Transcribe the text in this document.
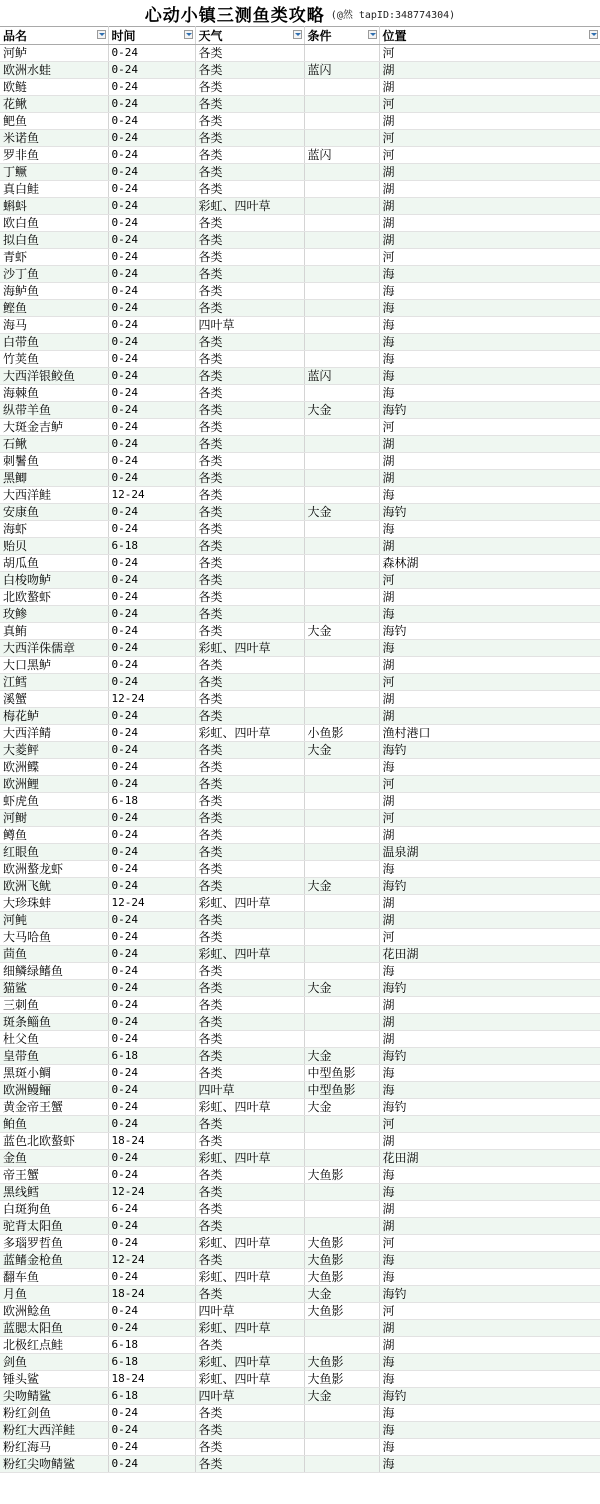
心动小镇三测鱼类攻略 (@然 tapID:348774304)
品名	时间	天气	条件	位置

河鲈	0-24	各类		河
欧洲水蛙	0-24	各类	蓝闪	湖
欧鲢	0-24	各类		湖
花鳅	0-24	各类		河
鲃鱼	0-24	各类		湖
米诺鱼	0-24	各类		河
罗非鱼	0-24	各类	蓝闪	河
丁鳜	0-24	各类		湖
真白鲑	0-24	各类		湖
蝌蚪	0-24	彩虹、四叶草		湖
欧白鱼	0-24	各类		湖
拟白鱼	0-24	各类		湖
青虾	0-24	各类		河
沙丁鱼	0-24	各类		海
海鲈鱼	0-24	各类		海
鲣鱼	0-24	各类		海
海马	0-24	四叶草		海
白带鱼	0-24	各类		海
竹荚鱼	0-24	各类		海
大西洋银鲛鱼	0-24	各类	蓝闪	海
海棘鱼	0-24	各类		海
纵带羊鱼	0-24	各类	大金	海钓
大斑金吉鲈	0-24	各类		河
石鳅	0-24	各类		湖
刺鬐鱼	0-24	各类		湖
黑鲫	0-24	各类		湖
大西洋鲑	12-24	各类		海
安康鱼	0-24	各类	大金	海钓
海虾	0-24	各类		海
贻贝	6-18	各类		湖
胡瓜鱼	0-24	各类		森林湖
白梭吻鲈	0-24	各类		河
北欧螯虾	0-24	各类		湖
玫鲹	0-24	各类		海
真鲔	0-24	各类	大金	海钓
大西洋侏儒章	0-24	彩虹、四叶草		海
大口黑鲈	0-24	各类		湖
江鳕	0-24	各类		河
溪蟹	12-24	各类		湖
梅花鲈	0-24	各类		湖
大西洋鲭	0-24	彩虹、四叶草	小鱼影	渔村港口
大菱鲆	0-24	各类	大金	海钓
欧洲鲽	0-24	各类		海
欧洲鲤	0-24	各类		河
虾虎鱼	6-18	各类		湖
河鲥	0-24	各类		河
鳟鱼	0-24	各类		湖
红眼鱼	0-24	各类		温泉湖
欧洲螯龙虾	0-24	各类		海
欧洲飞鱿	0-24	各类	大金	海钓
大珍珠蚌	12-24	彩虹、四叶草		湖
河鲀	0-24	各类		湖
大马哈鱼	0-24	各类		河
茴鱼	0-24	彩虹、四叶草		花田湖
细鳞绿鳍鱼	0-24	各类		海
猫鲨	0-24	各类	大金	海钓
三刺鱼	0-24	各类		湖
斑条鲻鱼	0-24	各类		湖
杜父鱼	0-24	各类		湖
皇带鱼	6-18	各类	大金	海钓
黑斑小鲷	0-24	各类	中型鱼影	海
欧洲鳗鲡	0-24	四叶草	中型鱼影	海
黄金帝王蟹	0-24	彩虹、四叶草	大金	海钓
鲌鱼	0-24	各类		河
蓝色北欧螯虾	18-24	各类		湖
金鱼	0-24	彩虹、四叶草		花田湖
帝王蟹	0-24	各类	大鱼影	海
黑线鳕	12-24	各类		海
白斑狗鱼	6-24	各类		湖
驼背太阳鱼	0-24	各类		湖
多瑙罗哲鱼	0-24	彩虹、四叶草	大鱼影	河
蓝鳍金枪鱼	12-24	各类	大鱼影	海
翻车鱼	0-24	彩虹、四叶草	大鱼影	海
月鱼	18-24	各类	大金	海钓
欧洲鲶鱼	0-24	四叶草	大鱼影	河
蓝腮太阳鱼	0-24	彩虹、四叶草		湖
北极红点鲑	6-18	各类		湖
剑鱼	6-18	彩虹、四叶草	大鱼影	海
锤头鲨	18-24	彩虹、四叶草	大鱼影	海
尖吻鲭鲨	6-18	四叶草	大金	海钓
粉红剑鱼	0-24	各类		海
粉红大西洋鲑	0-24	各类		海
粉红海马	0-24	各类		海
粉红尖吻鲭鲨	0-24	各类		海
